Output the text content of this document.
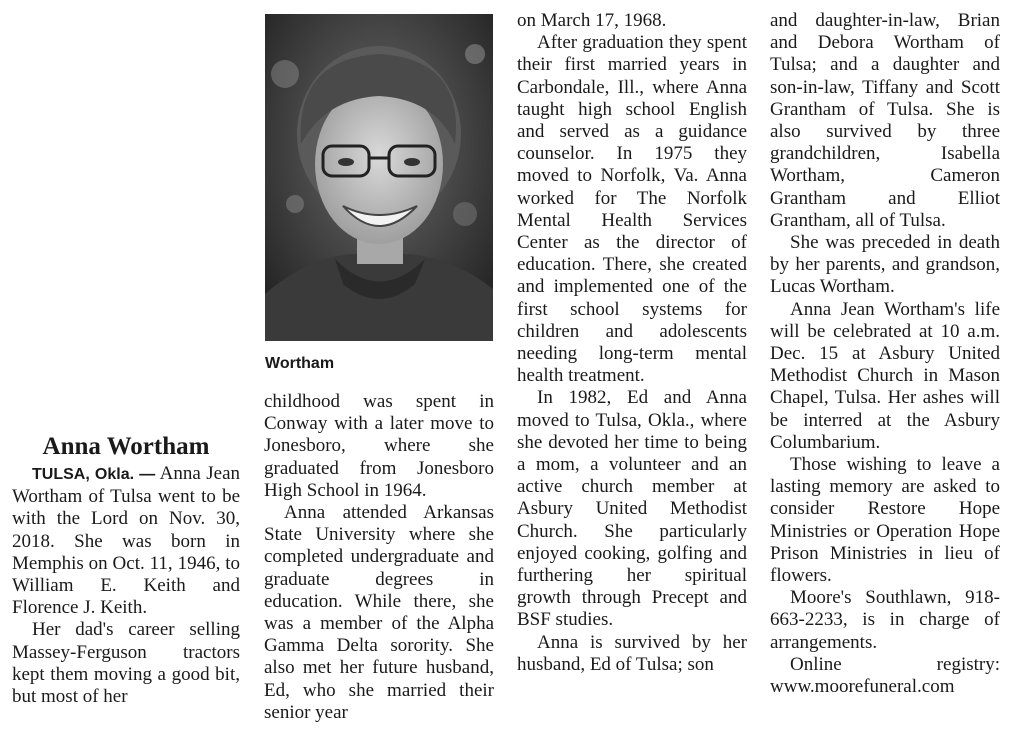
Wortham
Anna Wortham

TULSA, Okla. — Anna Jean Wortham of Tulsa went to be with the Lord on Nov. 30, 2018. She was born in Memphis on Oct. 11, 1946, to William E. Keith and Florence J. Keith.

Her dad's career selling Massey-Ferguson tractors kept them moving a good bit, but most of her

childhood was spent in Conway with a later move to Jonesboro, where she graduated from Jonesboro High School in 1964.

Anna attended Arkansas State University where she completed undergraduate and graduate degrees in education. While there, she was a member of the Alpha Gamma Delta sorority. She also met her future husband, Ed, who she married their senior year

on March 17, 1968.

After graduation they spent their first married years in Carbondale, Ill., where Anna taught high school English and served as a guidance counselor. In 1975 they moved to Norfolk, Va. Anna worked for The Norfolk Mental Health Services Center as the director of education. There, she created and implemented one of the first school systems for children and adolescents needing long-term mental health treatment.

In 1982, Ed and Anna moved to Tulsa, Okla., where she devoted her time to being a mom, a volunteer and an active church member at Asbury United Methodist Church. She particularly enjoyed cooking, golfing and furthering her spiritual growth through Precept and BSF studies.

Anna is survived by her husband, Ed of Tulsa; son

and daughter-in-law, Brian and Debora Wortham of Tulsa; and a daughter and son-in-law, Tiffany and Scott Grantham of Tulsa. She is also survived by three grandchildren, Isabella Wortham, Cameron Grantham and Elliot Grantham, all of Tulsa.

She was preceded in death by her parents, and grandson, Lucas Wortham.

Anna Jean Wortham's life will be celebrated at 10 a.m. Dec. 15 at Asbury United Methodist Church in Mason Chapel, Tulsa. Her ashes will be interred at the Asbury Columbarium.

Those wishing to leave a lasting memory are asked to consider Restore Hope Ministries or Operation Hope Prison Ministries in lieu of flowers.

Moore's Southlawn, 918-663-2233, is in charge of arrangements.

Online registry: www.moorefuneral.com
